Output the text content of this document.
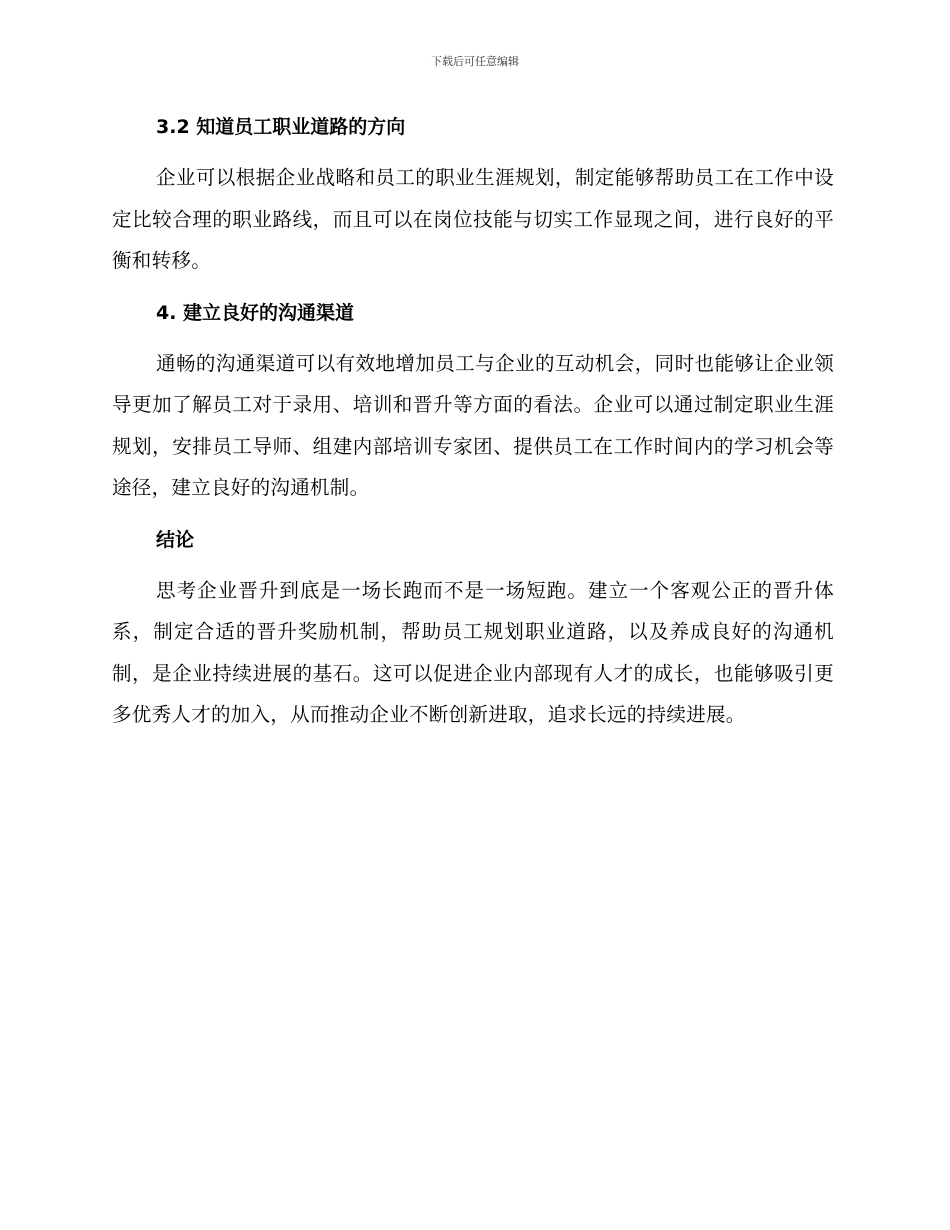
下载后可任意编辑
3.2 知道员工职业道路的方向

企业可以根据企业战略和员工的职业生涯规划，制定能够帮助员工在工作中设定比较合理的职业路线，而且可以在岗位技能与切实工作显现之间，进行良好的平衡和转移。

4. 建立良好的沟通渠道

通畅的沟通渠道可以有效地增加员工与企业的互动机会，同时也能够让企业领导更加了解员工对于录用、培训和晋升等方面的看法。企业可以通过制定职业生涯规划，安排员工导师、组建内部培训专家团、提供员工在工作时间内的学习机会等途径，建立良好的沟通机制。

结论

思考企业晋升到底是一场长跑而不是一场短跑。建立一个客观公正的晋升体系，制定合适的晋升奖励机制，帮助员工规划职业道路，以及养成良好的沟通机制，是企业持续进展的基石。这可以促进企业内部现有人才的成长，也能够吸引更多优秀人才的加入，从而推动企业不断创新进取，追求长远的持续进展。
